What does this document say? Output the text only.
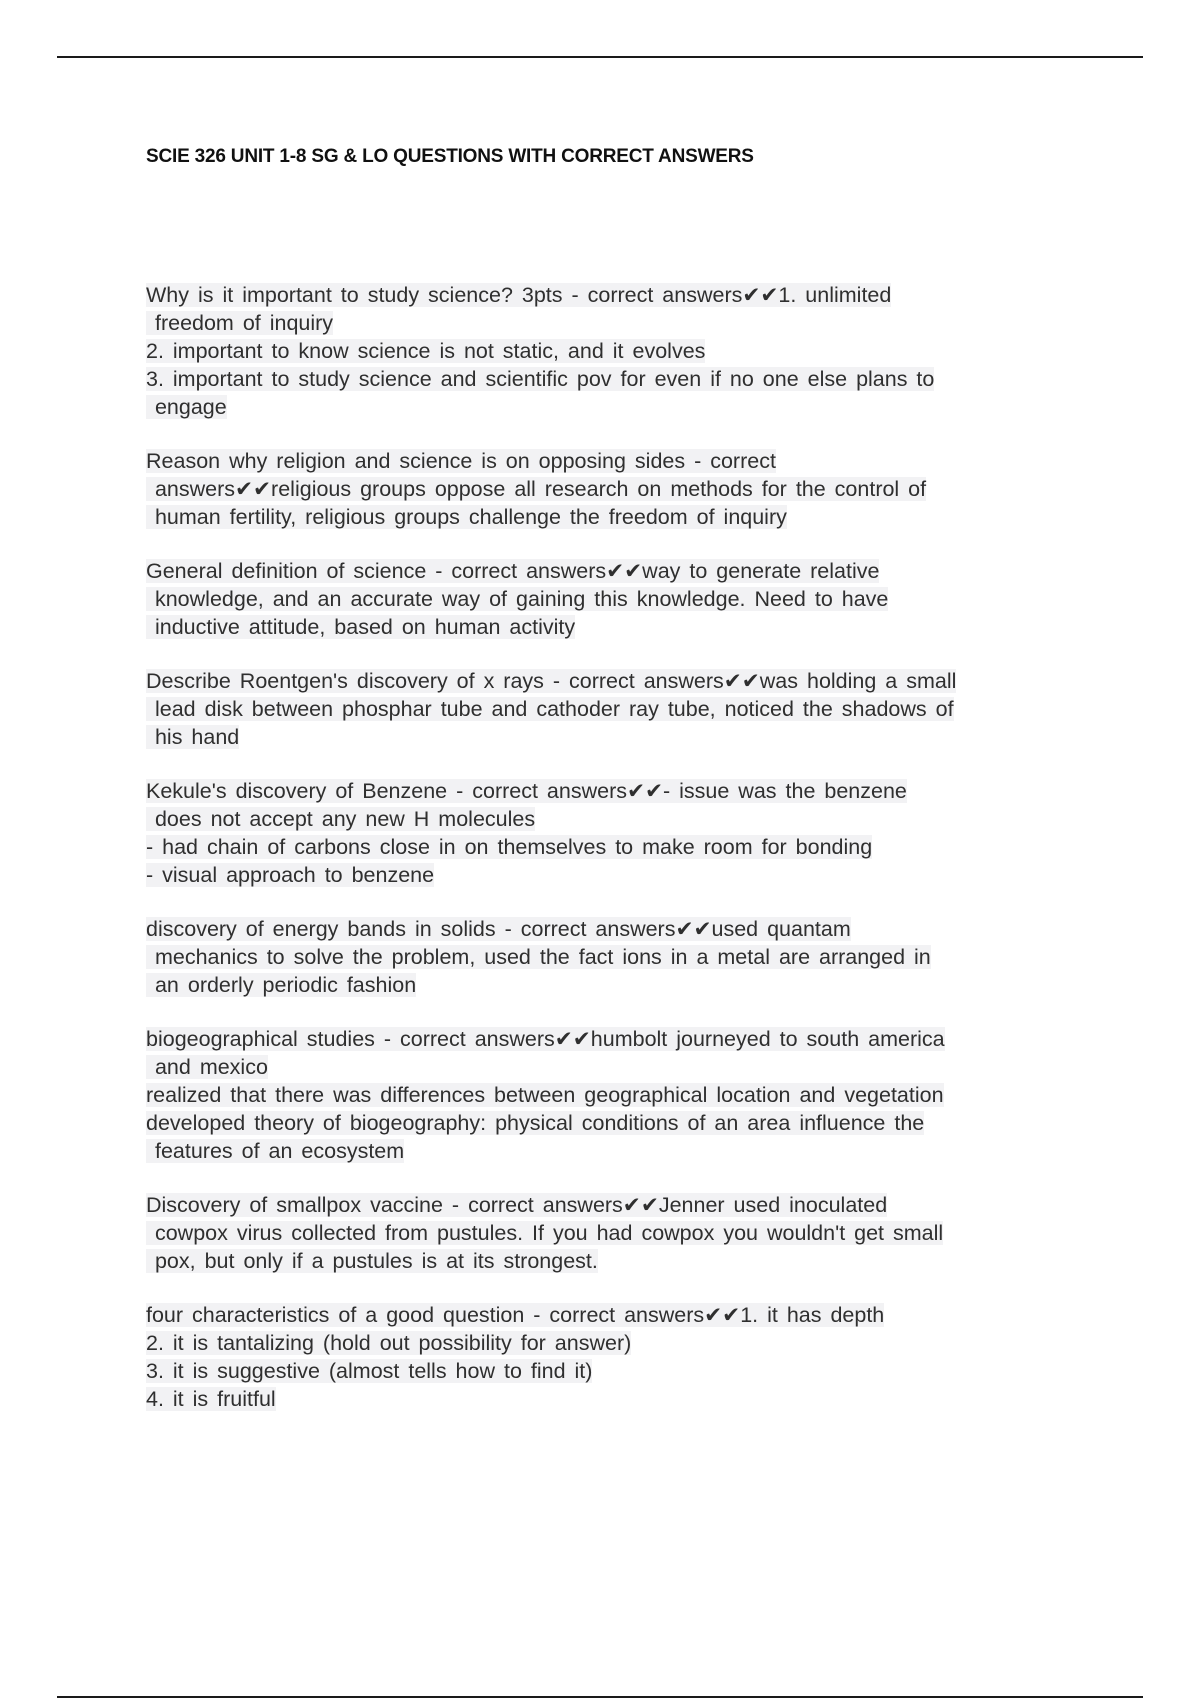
SCIE 326 UNIT 1-8 SG & LO QUESTIONS WITH CORRECT ANSWERS
Why is it important to study science? 3pts - correct answers✔✔1. unlimited
freedom of inquiry
2. important to know science is not static, and it evolves
3. important to study science and scientific pov for even if no one else plans to
engage
Reason why religion and science is on opposing sides - correct
answers✔✔religious groups oppose all research on methods for the control of
human fertility, religious groups challenge the freedom of inquiry
General definition of science - correct answers✔✔way to generate relative
knowledge, and an accurate way of gaining this knowledge. Need to have
inductive attitude, based on human activity
Describe Roentgen's discovery of x rays - correct answers✔✔was holding a small
lead disk between phosphar tube and cathoder ray tube, noticed the shadows of
his hand
Kekule's discovery of Benzene - correct answers✔✔- issue was the benzene
does not accept any new H molecules
- had chain of carbons close in on themselves to make room for bonding
- visual approach to benzene
discovery of energy bands in solids - correct answers✔✔used quantam
mechanics to solve the problem, used the fact ions in a metal are arranged in
an orderly periodic fashion
biogeographical studies - correct answers✔✔humbolt journeyed to south america
and mexico
realized that there was differences between geographical location and vegetation
developed theory of biogeography: physical conditions of an area influence the
features of an ecosystem
Discovery of smallpox vaccine - correct answers✔✔Jenner used inoculated
cowpox virus collected from pustules. If you had cowpox you wouldn't get small
pox, but only if a pustules is at its strongest.
four characteristics of a good question - correct answers✔✔1. it has depth
2. it is tantalizing (hold out possibility for answer)
3. it is suggestive (almost tells how to find it)
4. it is fruitful
